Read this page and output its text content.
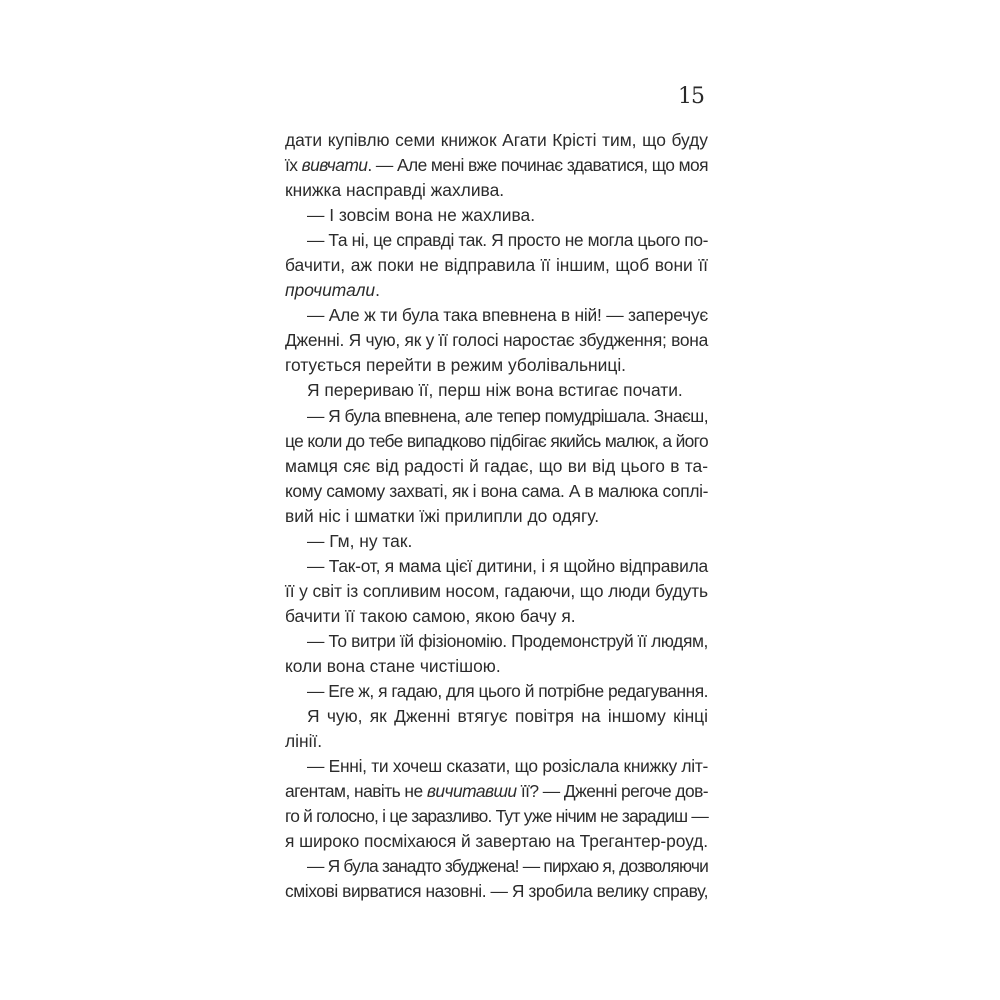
15
дати купівлю семи книжок Агати Крісті тим, що буду
їх вивчати. — Але мені вже починає здаватися, що моя
книжка насправді жахлива.
— І зовсім вона не жахлива.
— Та ні, це справді так. Я просто не могла цього по-
бачити, аж поки не відправила її іншим, щоб вони її
прочитали.
— Але ж ти була така впевнена в ній! — заперечує
Дженні. Я чую, як у її голосі наростає збудження; вона
готується перейти в режим уболівальниці.
Я перериваю її, перш ніж вона встигає почати.
— Я була впевнена, але тепер помудрішала. Знаєш,
це коли до тебе випадково підбігає якийсь малюк, а його
мамця сяє від радості й гадає, що ви від цього в та-
кому самому захваті, як і вона сама. А в малюка соплі-
вий ніс і шматки їжі прилипли до одягу.
— Гм, ну так.
— Так-от, я мама цієї дитини, і я щойно відправила
її у світ із сопливим носом, гадаючи, що люди будуть
бачити її такою самою, якою бачу я.
— То витри їй фізіономію. Продемонструй її людям,
коли вона стане чистішою.
— Еге ж, я гадаю, для цього й потрібне редагування.
Я чую, як Дженні втягує повітря на іншому кінці
лінії.
— Енні, ти хочеш сказати, що розіслала книжку літ-
агентам, навіть не вичитавши її? — Дженні регоче дов-
го й голосно, і це заразливо. Тут уже нічим не зарадиш —
я широко посміхаюся й завертаю на Трегантер-роуд.
— Я була занадто збуджена! — пирхаю я, дозволяючи
сміхові вирватися назовні. — Я зробила велику справу,
